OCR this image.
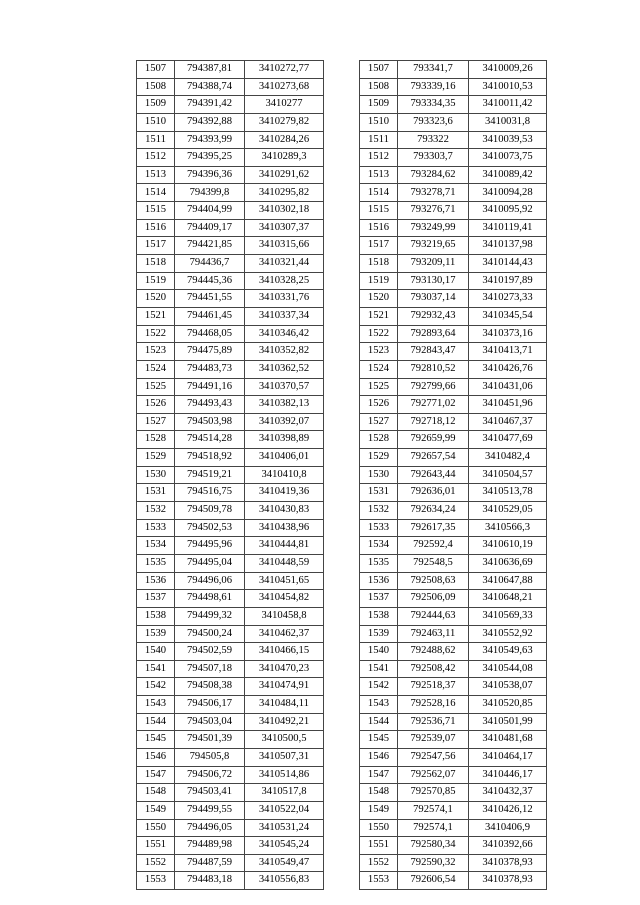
1507	794387,81	3410272,77
1508	794388,74	3410273,68
1509	794391,42	3410277
1510	794392,88	3410279,82
1511	794393,99	3410284,26
1512	794395,25	3410289,3
1513	794396,36	3410291,62
1514	794399,8	3410295,82
1515	794404,99	3410302,18
1516	794409,17	3410307,37
1517	794421,85	3410315,66
1518	794436,7	3410321,44
1519	794445,36	3410328,25
1520	794451,55	3410331,76
1521	794461,45	3410337,34
1522	794468,05	3410346,42
1523	794475,89	3410352,82
1524	794483,73	3410362,52
1525	794491,16	3410370,57
1526	794493,43	3410382,13
1527	794503,98	3410392,07
1528	794514,28	3410398,89
1529	794518,92	3410406,01
1530	794519,21	3410410,8
1531	794516,75	3410419,36
1532	794509,78	3410430,83
1533	794502,53	3410438,96
1534	794495,96	3410444,81
1535	794495,04	3410448,59
1536	794496,06	3410451,65
1537	794498,61	3410454,82
1538	794499,32	3410458,8
1539	794500,24	3410462,37
1540	794502,59	3410466,15
1541	794507,18	3410470,23
1542	794508,38	3410474,91
1543	794506,17	3410484,11
1544	794503,04	3410492,21
1545	794501,39	3410500,5
1546	794505,8	3410507,31
1547	794506,72	3410514,86
1548	794503,41	3410517,8
1549	794499,55	3410522,04
1550	794496,05	3410531,24
1551	794489,98	3410545,24
1552	794487,59	3410549,47
1553	794483,18	3410556,83
1507	793341,7	3410009,26
1508	793339,16	3410010,53
1509	793334,35	3410011,42
1510	793323,6	3410031,8
1511	793322	3410039,53
1512	793303,7	3410073,75
1513	793284,62	3410089,42
1514	793278,71	3410094,28
1515	793276,71	3410095,92
1516	793249,99	3410119,41
1517	793219,65	3410137,98
1518	793209,11	3410144,43
1519	793130,17	3410197,89
1520	793037,14	3410273,33
1521	792932,43	3410345,54
1522	792893,64	3410373,16
1523	792843,47	3410413,71
1524	792810,52	3410426,76
1525	792799,66	3410431,06
1526	792771,02	3410451,96
1527	792718,12	3410467,37
1528	792659,99	3410477,69
1529	792657,54	3410482,4
1530	792643,44	3410504,57
1531	792636,01	3410513,78
1532	792634,24	3410529,05
1533	792617,35	3410566,3
1534	792592,4	3410610,19
1535	792548,5	3410636,69
1536	792508,63	3410647,88
1537	792506,09	3410648,21
1538	792444,63	3410569,33
1539	792463,11	3410552,92
1540	792488,62	3410549,63
1541	792508,42	3410544,08
1542	792518,37	3410538,07
1543	792528,16	3410520,85
1544	792536,71	3410501,99
1545	792539,07	3410481,68
1546	792547,56	3410464,17
1547	792562,07	3410446,17
1548	792570,85	3410432,37
1549	792574,1	3410426,12
1550	792574,1	3410406,9
1551	792580,34	3410392,66
1552	792590,32	3410378,93
1553	792606,54	3410378,93
